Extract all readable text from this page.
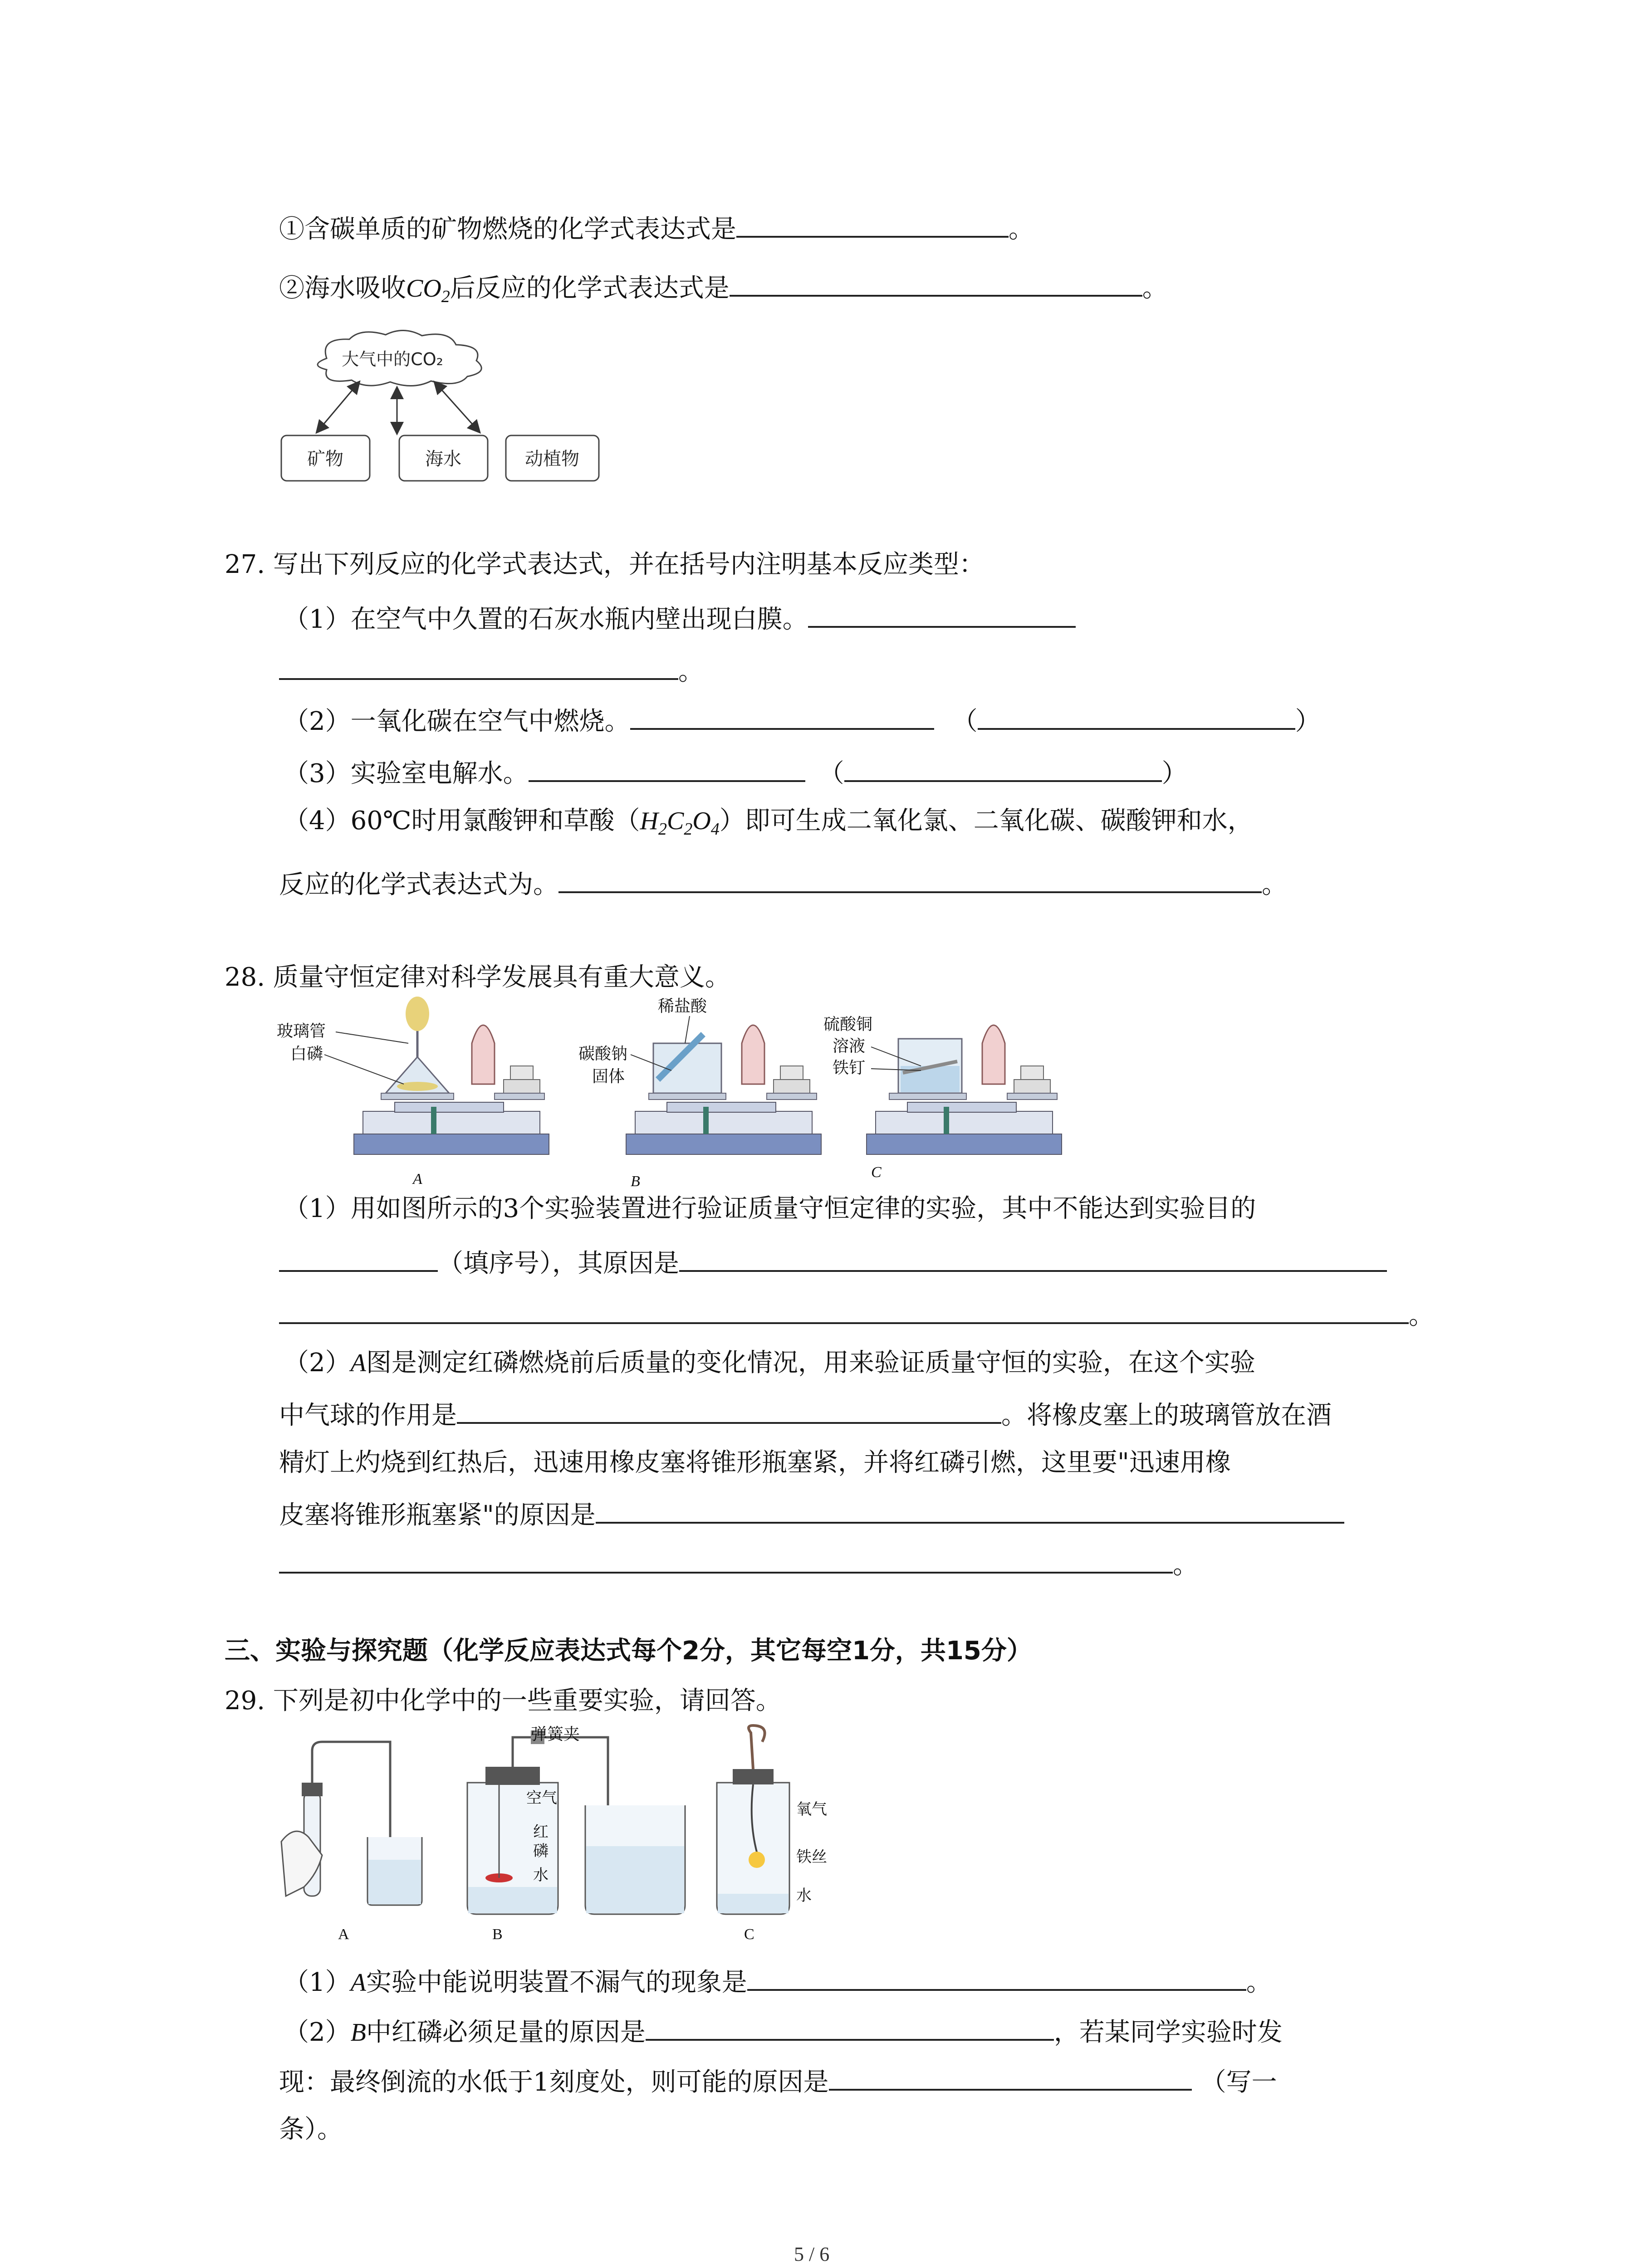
①含碳单质的矿物燃烧的化学式表达式是	。
②海水吸收$CO_2$后反应的化学式表达式是	。
大气中的CO₂
矿物	海水	动植物
27. 写出下列反应的化学式表达式，并在括号内注明基本反应类型：
（1）在空气中久置的石灰水瓶内壁出现白膜。
。
（2）一氧化碳在空气中燃烧。	（	）
（3）实验室电解水。	（	）
（4）60℃时用氯酸钾和草酸$(H_2C_2O_4)$即可生成二氧化氯、二氧化碳、碳酸钾和水，
反应的化学式表达式为。	。
28. 质量守恒定律对科学发展具有重大意义。
玻璃管
白磷
A
稀盐酸
碳酸钠
固体
B
硫酸铜
溶液
铁钉
C
（1）用如图所示的3个实验装置进行验证质量守恒定律的实验，其中不能达到实验目的
（填序号），其原因是
。
（2）A图是测定红磷燃烧前后质量的变化情况，用来验证质量守恒的实验，在这个实验
中气球的作用是	。将橡皮塞上的玻璃管放在酒
精灯上灼烧到红热后，迅速用橡皮塞将锥形瓶塞紧，并将红磷引燃，这里要"迅速用橡
皮塞将锥形瓶塞紧"的原因是
。
三、实验与探究题（化学反应表达式每个2分，其它每空1分，共15分）
29. 下列是初中化学中的一些重要实验，请回答。
A
弹簧夹
空气
红
磷
水
B
氧气
铁丝
水
C
（1）A实验中能说明装置不漏气的现象是	。
（2）B中红磷必须足量的原因是	，若某同学实验时发
现：最终倒流的水低于1刻度处，则可能的原因是	（写一
条）。
5 / 6
